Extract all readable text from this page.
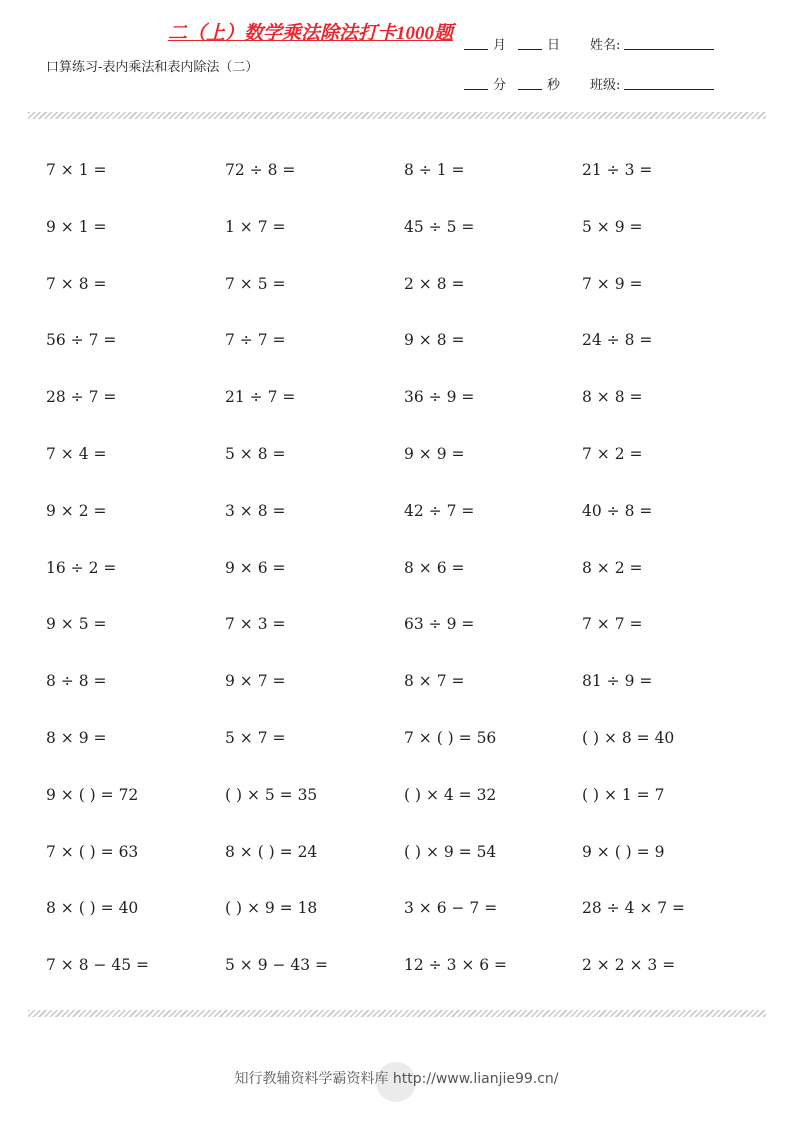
二（上）数学乘法除法打卡1000题
口算练习-表内乘法和表内除法（二）
月	日
分	秒
姓名:
班级:
7 × 1 =	72 ÷ 8 =	8 ÷ 1 =	21 ÷ 3 =
9 × 1 =	1 × 7 =	45 ÷ 5 =	5 × 9 =
7 × 8 =	7 × 5 =	2 × 8 =	7 × 9 =
56 ÷ 7 =	7 ÷ 7 =	9 × 8 =	24 ÷ 8 =
28 ÷ 7 =	21 ÷ 7 =	36 ÷ 9 =	8 × 8 =
7 × 4 =	5 × 8 =	9 × 9 =	7 × 2 =
9 × 2 =	3 × 8 =	42 ÷ 7 =	40 ÷ 8 =
16 ÷ 2 =	9 × 6 =	8 × 6 =	8 × 2 =
9 × 5 =	7 × 3 =	63 ÷ 9 =	7 × 7 =
8 ÷ 8 =	9 × 7 =	8 × 7 =	81 ÷ 9 =
8 × 9 =	5 × 7 =	7 × ( ) = 56	( ) × 8 = 40
9 × ( ) = 72	( ) × 5 = 35	( ) × 4 = 32	( ) × 1 = 7
7 × ( ) = 63	8 × ( ) = 24	( ) × 9 = 54	9 × ( ) = 9
8 × ( ) = 40	( ) × 9 = 18	3 × 6 − 7 =	28 ÷ 4 × 7 =
7 × 8 − 45 =	5 × 9 − 43 =	12 ÷ 3 × 6 =	2 × 2 × 3 =
知行教辅资料学霸资料库 http://www.lianjie99.cn/
